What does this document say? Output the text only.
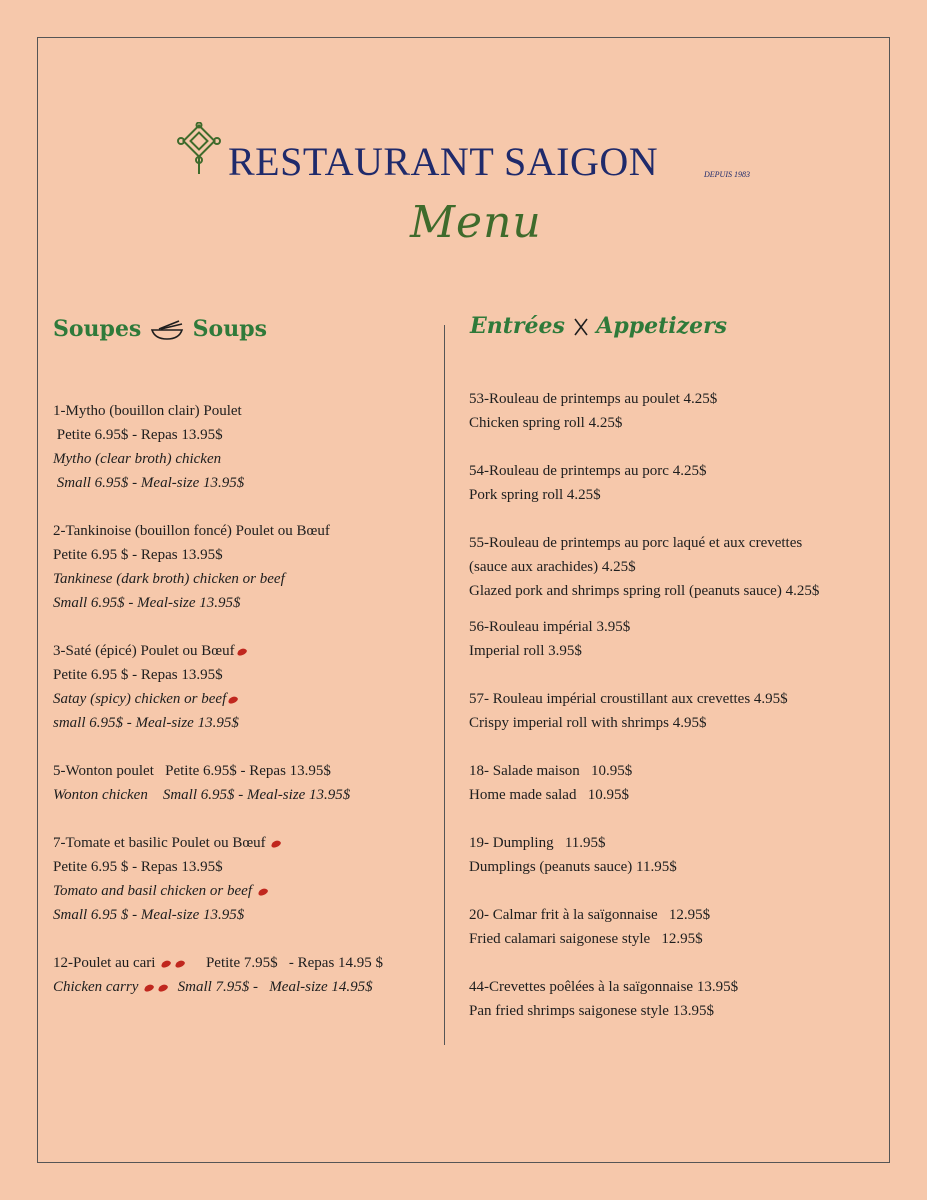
RESTAURANT SAIGON	DEPUIS 1983
Menu
Soupes Soups
1-Mytho (bouillon clair) Poulet
Petite 6.95$ - Repas 13.95$
Mytho (clear broth) chicken
Small 6.95$ - Meal-size 13.95$
2-Tankinoise (bouillon foncé) Poulet ou Bœuf
Petite 6.95 $ - Repas 13.95$
Tankinese (dark broth) chicken or beef
Small 6.95$ - Meal-size 13.95$
3-Saté (épicé) Poulet ou Bœuf
Petite 6.95 $ - Repas 13.95$
Satay (spicy) chicken or beef
small 6.95$ - Meal-size 13.95$
5-Wonton poulet   Petite 6.95$ - Repas 13.95$
Wonton chicken    Small 6.95$ - Meal-size 13.95$
7-Tomate et basilic Poulet ou Bœuf
Petite 6.95 $ - Repas 13.95$
Tomato and basil chicken or beef
Small 6.95 $ - Meal-size 13.95$
12-Poulet au cari	Petite 7.95$   - Repas 14.95 $
Chicken carry	Small 7.95$ -   Meal-size 14.95$
Entrées Appetizers
53-Rouleau de printemps au poulet 4.25$
Chicken spring roll 4.25$
54-Rouleau de printemps au porc 4.25$
Pork spring roll 4.25$
55-Rouleau de printemps au porc laqué et aux crevettes
(sauce aux arachides) 4.25$
Glazed pork and shrimps spring roll (peanuts sauce) 4.25$
56-Rouleau impérial 3.95$
Imperial roll 3.95$
57- Rouleau impérial croustillant aux crevettes 4.95$
Crispy imperial roll with shrimps 4.95$
18- Salade maison   10.95$
Home made salad   10.95$
19- Dumpling   11.95$
Dumplings (peanuts sauce) 11.95$
20- Calmar frit à la saïgonnaise   12.95$
Fried calamari saigonese style   12.95$
44-Crevettes poêlées à la saïgonnaise 13.95$
Pan fried shrimps saigonese style 13.95$
